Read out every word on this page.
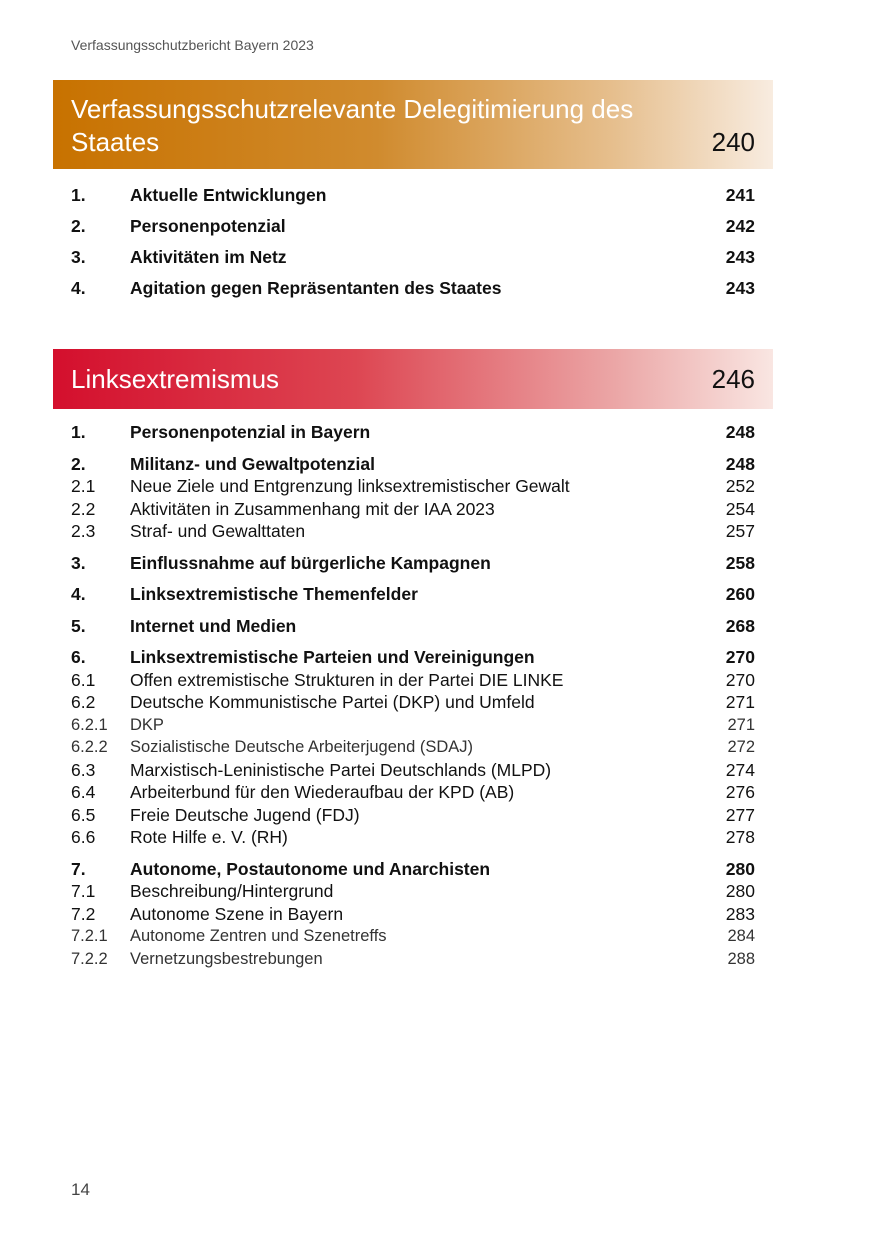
Verfassungsschutzbericht Bayern 2023
Verfassungsschutzrelevante Delegitimierung des Staates	240
1.	Aktuelle Entwicklungen	241
2.	Personenpotenzial	242
3.	Aktivitäten im Netz	243
4.	Agitation gegen Repräsentanten des Staates	243
Linksextremismus	246
1.	Personenpotenzial in Bayern	248
2.	Militanz- und Gewaltpotenzial	248
2.1 Neue Ziele und Entgrenzung linksextremistischer Gewalt	252
2.2 Aktivitäten in Zusammenhang mit der IAA 2023	254
2.3 Straf- und Gewalttaten	257
3.	Einflussnahme auf bürgerliche Kampagnen	258
4.	Linksextremistische Themenfelder	260
5.	Internet und Medien	268
6.	Linksextremistische Parteien und Vereinigungen	270
6.1 Offen extremistische Strukturen in der Partei DIE LINKE	270
6.2 Deutsche Kommunistische Partei (DKP) und Umfeld	271
6.2.1 DKP	271
6.2.2 Sozialistische Deutsche Arbeiterjugend (SDAJ)	272
6.3 Marxistisch-Leninistische Partei Deutschlands (MLPD)	274
6.4 Arbeiterbund für den Wiederaufbau der KPD (AB)	276
6.5 Freie Deutsche Jugend (FDJ)	277
6.6 Rote Hilfe e. V. (RH)	278
7.	Autonome, Postautonome und Anarchisten	280
7.1 Beschreibung/Hintergrund	280
7.2 Autonome Szene in Bayern	283
7.2.1 Autonome Zentren und Szenetreffs	284
7.2.2 Vernetzungsbestrebungen	288
14
